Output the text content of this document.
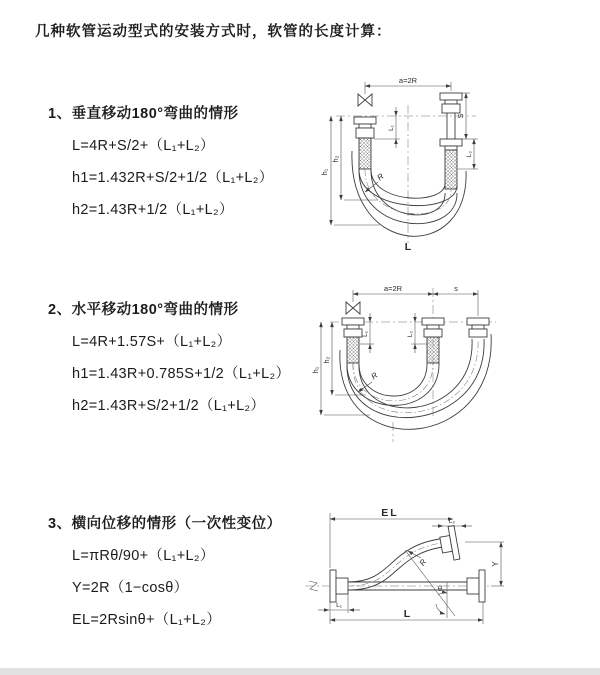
几种软管运动型式的安装方式时，软管的长度计算：
1、垂直移动180°弯曲的情形
L=4R+S/2+（L₁+L₂）
h1=1.432R+S/2+1/2（L₁+L₂）
h2=1.43R+1/2（L₁+L₂）
2、水平移动180°弯曲的情形
L=4R+1.57S+（L₁+L₂）
h1=1.43R+0.785S+1/2（L₁+L₂）
h2=1.43R+S/2+1/2（L₁+L₂）
3、横向位移的情形（一次性变位）
L=πRθ/90+（L₁+L₂）
Y=2R（1−cosθ）
EL=2Rsinθ+（L₁+L₂）
a=2R
h₁
h₂
L₁
S
L₂
R
L
a=2R	s
h₁
h₂
L₁	L₂
R
EL
L₂
Y
L
L₁
R
θ
